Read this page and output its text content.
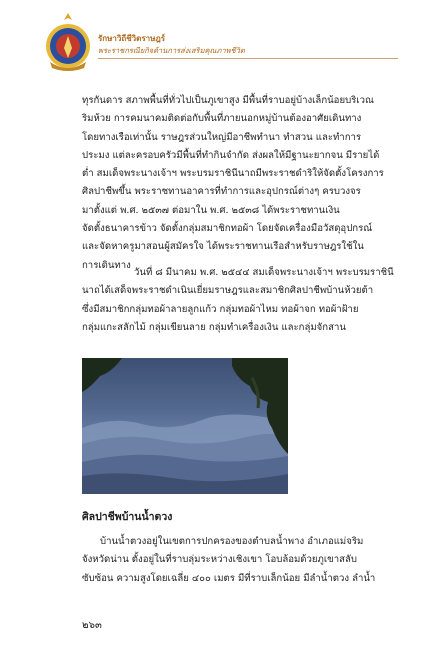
รักษาวิถีชีวิตราษฎร์
พระราชกรณียกิจด้านการส่งเสริมคุณภาพชีวิต

ทุรกันดาร สภาพพื้นที่ทั่วไปเป็นภูเขาสูง มีพื้นที่ราบอยู่บ้างเล็กน้อยบริเวณ

ริมห้วย การคมนาคมติดต่อกับพื้นที่ภายนอกหมู่บ้านต้องอาศัยเดินทาง

โดยทางเรือเท่านั้น ราษฎรส่วนใหญ่มีอาชีพทำนา ทำสวน และทำการ

ประมง แต่ละครอบครัวมีพื้นที่ทำกินจำกัด ส่งผลให้มีฐานะยากจน มีรายได้

ต่ำ สมเด็จพระนางเจ้าฯ พระบรมราชินีนาถมีพระราชดำริให้จัดตั้งโครงการ

ศิลปาชีพขึ้น พระราชทานอาคารที่ทำการและอุปกรณ์ต่างๆ ครบวงจร

มาตั้งแต่ พ.ศ. ๒๕๓๗ ต่อมาใน พ.ศ. ๒๕๓๘ ได้พระราชทานเงิน

จัดตั้งธนาคารข้าว จัดตั้งกลุ่มสมาชิกทอผ้า โดยจัดเครื่องมือวัสดุอุปกรณ์

และจัดหาครูมาสอนผู้สมัครใจ ได้พระราชทานเรือสำหรับราษฎรใช้ใน

การเดินทาง

วันที่ ๘ มีนาคม พ.ศ. ๒๕๔๔ สมเด็จพระนางเจ้าฯ พระบรมราชินี

นาถได้เสด็จพระราชดำเนินเยี่ยมราษฎรและสมาชิกศิลปาชีพบ้านห้วยต้า

ซึ่งมีสมาชิกกลุ่มทอผ้าลายลูกแก้ว กลุ่มทอผ้าไหม ทอผ้าจก ทอผ้าฝ้าย

กลุ่มแกะสลักไม้ กลุ่มเขียนลาย กลุ่มทำเครื่องเงิน และกลุ่มจักสาน

ศิลปาชีพบ้านน้ำตวง

บ้านน้ำตวงอยู่ในเขตการปกครองของตำบลน้ำพาง อำเภอแม่จริม

จังหวัดน่าน ตั้งอยู่ในที่ราบลุ่มระหว่างเชิงเขา โอบล้อมด้วยภูเขาสลับ

ซับซ้อน ความสูงโดยเฉลี่ย ๔๐๐ เมตร มีที่ราบเล็กน้อย มีลำน้ำตวง ลำน้ำ

๒๖๓
